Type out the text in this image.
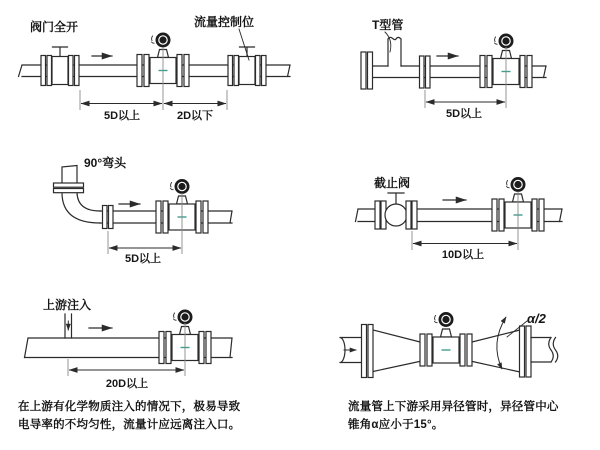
阀门全开	流量控制位
5D以上	2D以下
T型管
5D以上
90°弯头
5D以上
截止阀
10D以上
上游注入
20D以上
α/2
在上游有化学物质注入的情况下，极易导致
电导率的不均匀性，流量计应远离注入口。
流量管上下游采用异径管时，异径管中心
锥角α应小于15°。
